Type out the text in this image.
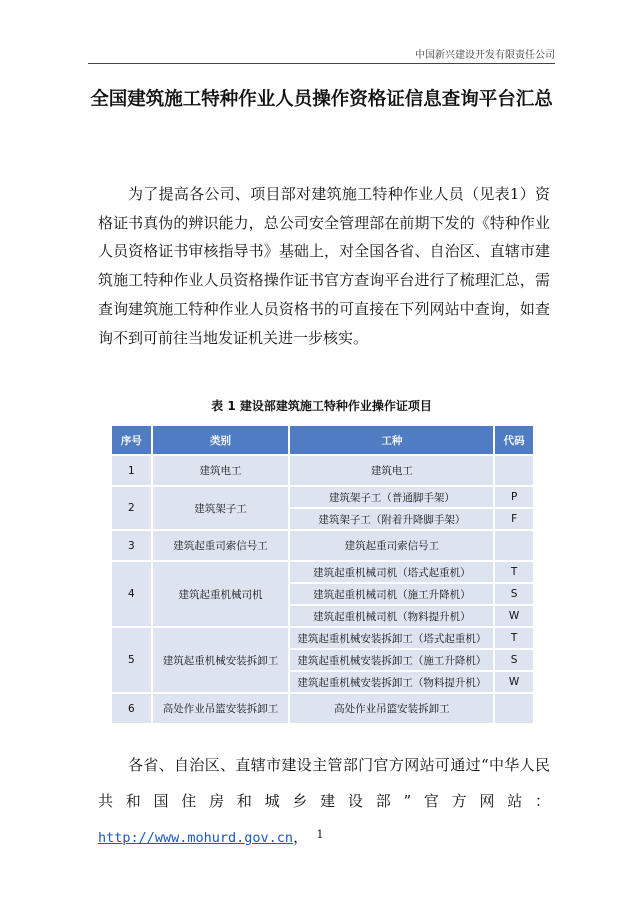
中国新兴建设开发有限责任公司
全国建筑施工特种作业人员操作资格证信息查询平台汇总
为了提高各公司、项目部对建筑施工特种作业人员（见表1）资格证书真伪的辨识能力，总公司安全管理部在前期下发的《特种作业人员资格证书审核指导书》基础上，对全国各省、自治区、直辖市建筑施工特种作业人员资格操作证书官方查询平台进行了梳理汇总，需查询建筑施工特种作业人员资格书的可直接在下列网站中查询，如查询不到可前往当地发证机关进一步核实。
表 1 建设部建筑施工特种作业操作证项目
序号	类别	工种	代码
1	建筑电工	建筑电工	
2	建筑架子工	建筑架子工（普通脚手架）	P
		建筑架子工（附着升降脚手架）	F
3	建筑起重司索信号工	建筑起重司索信号工	
4	建筑起重机械司机	建筑起重机械司机（塔式起重机）	T
		建筑起重机械司机（施工升降机）	S
		建筑起重机械司机（物料提升机）	W
5	建筑起重机械安装拆卸工	建筑起重机械安装拆卸工（塔式起重机）	T
		建筑起重机械安装拆卸工（施工升降机）	S
		建筑起重机械安装拆卸工（物料提升机）	W
6	高处作业吊篮安装拆卸工	高处作业吊篮安装拆卸工	
各省、自治区、直辖市建设主管部门官方网站可通过“中华人民共和国住房和城乡建设部”官方网站：http://www.mohurd.gov.cn， 1
